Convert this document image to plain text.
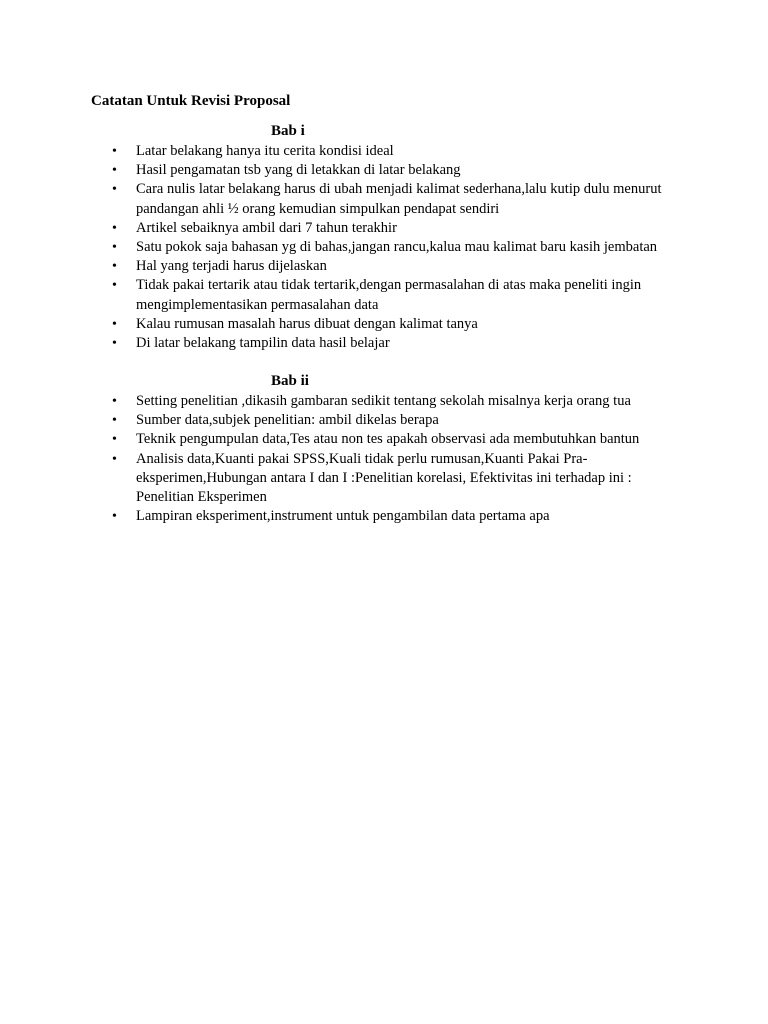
Catatan Untuk Revisi Proposal
Bab i
•	Latar belakang hanya itu cerita kondisi ideal
•	Hasil pengamatan tsb yang di letakkan di latar belakang
•	Cara nulis latar belakang harus di ubah menjadi kalimat sederhana,lalu kutip dulu menurut pandangan ahli ½ orang kemudian simpulkan pendapat sendiri
•	Artikel sebaiknya ambil dari 7 tahun terakhir
•	Satu pokok saja bahasan yg di bahas,jangan rancu,kalua mau kalimat baru kasih jembatan
•	Hal yang terjadi harus dijelaskan
•	Tidak pakai tertarik atau tidak tertarik,dengan permasalahan di atas maka peneliti ingin mengimplementasikan permasalahan data
•	Kalau rumusan masalah harus dibuat dengan kalimat tanya
•	Di latar belakang tampilin data hasil belajar
Bab ii
•	Setting penelitian ,dikasih gambaran sedikit tentang sekolah misalnya kerja orang tua
•	Sumber data,subjek penelitian: ambil dikelas berapa
•	Teknik pengumpulan data,Tes atau non tes apakah observasi ada membutuhkan bantun
•	Analisis data,Kuanti pakai SPSS,Kuali tidak perlu rumusan,Kuanti Pakai Pra-eksperimen,Hubungan antara I dan I :Penelitian korelasi, Efektivitas ini terhadap ini : Penelitian Eksperimen
•	Lampiran eksperiment,instrument untuk pengambilan data pertama apa
